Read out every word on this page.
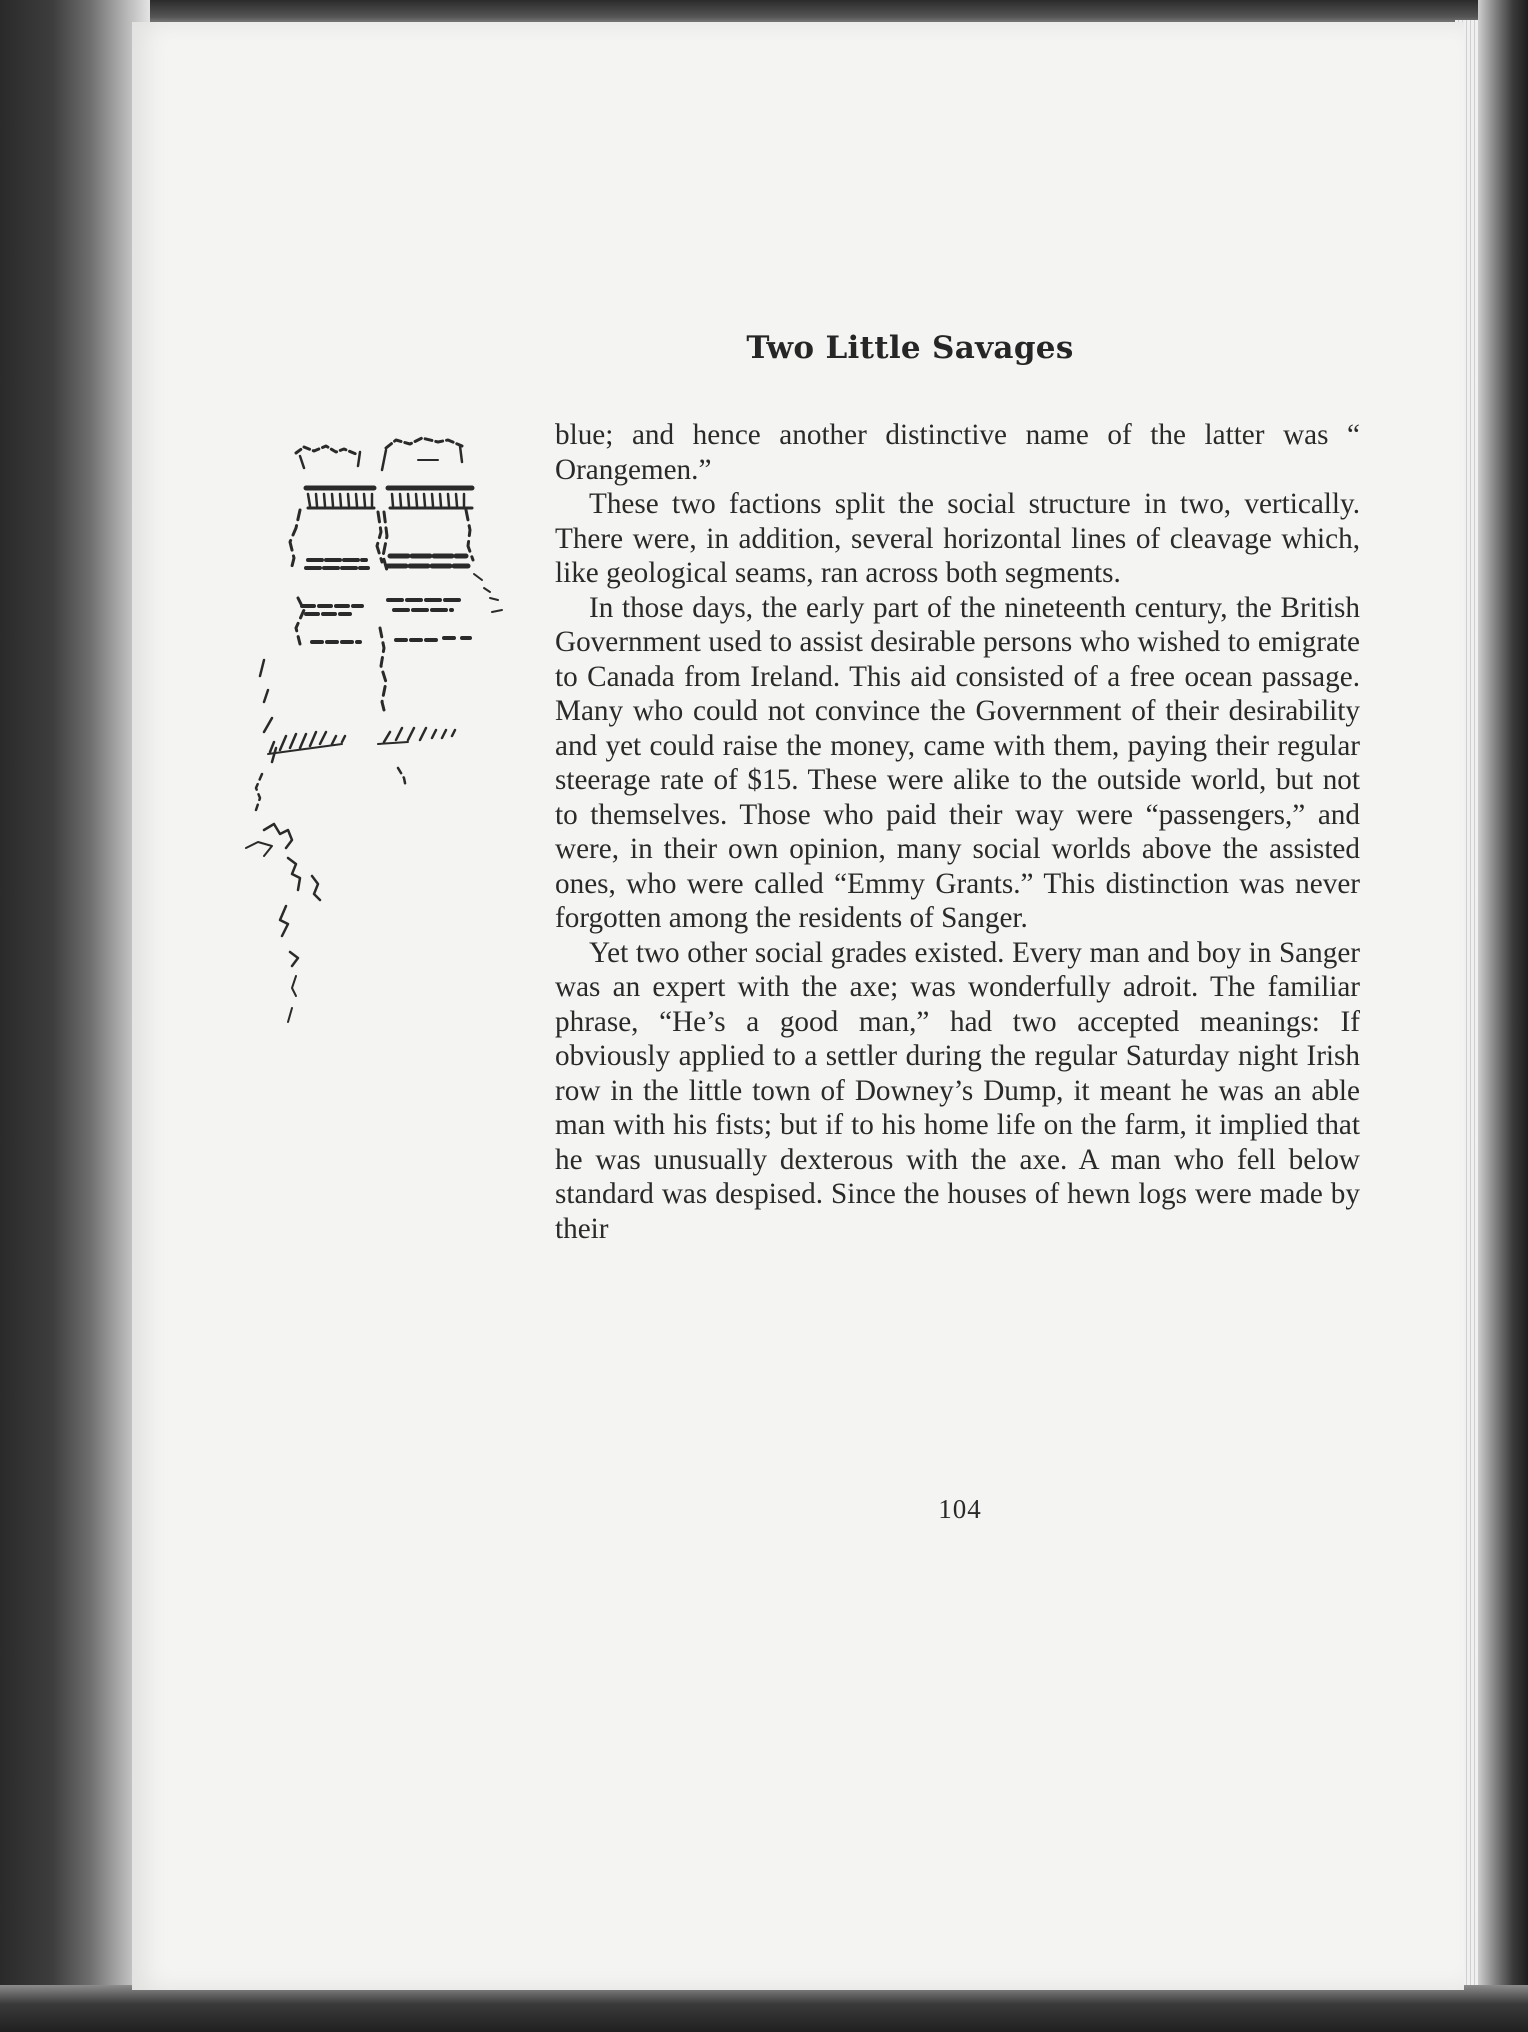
Two Little Savages

blue; and hence another distinctive name of the latter was “ Orangemen.”

These two factions split the social structure in two, vertically. There were, in addition, several horizontal lines of cleavage which, like geological seams, ran across both segments.

In those days, the early part of the nineteenth century, the British Government used to assist desirable persons who wished to emigrate to Canada from Ireland. This aid consisted of a free ocean passage. Many who could not convince the Government of their desirability and yet could raise the money, came with them, paying their regular steerage rate of $15. These were alike to the outside world, but not to themselves. Those who paid their way were “passengers,” and were, in their own opinion, many social worlds above the assisted ones, who were called “Emmy Grants.” This distinction was never forgotten among the residents of Sanger.

Yet two other social grades existed. Every man and boy in Sanger was an expert with the axe; was wonderfully adroit. The familiar phrase, “He’s a good man,” had two accepted meanings: If obviously applied to a settler during the regular Saturday night Irish row in the little town of Downey’s Dump, it meant he was an able man with his fists; but if to his home life on the farm, it implied that he was unusually dexterous with the axe. A man who fell below standard was despised. Since the houses of hewn logs were made by their

104
